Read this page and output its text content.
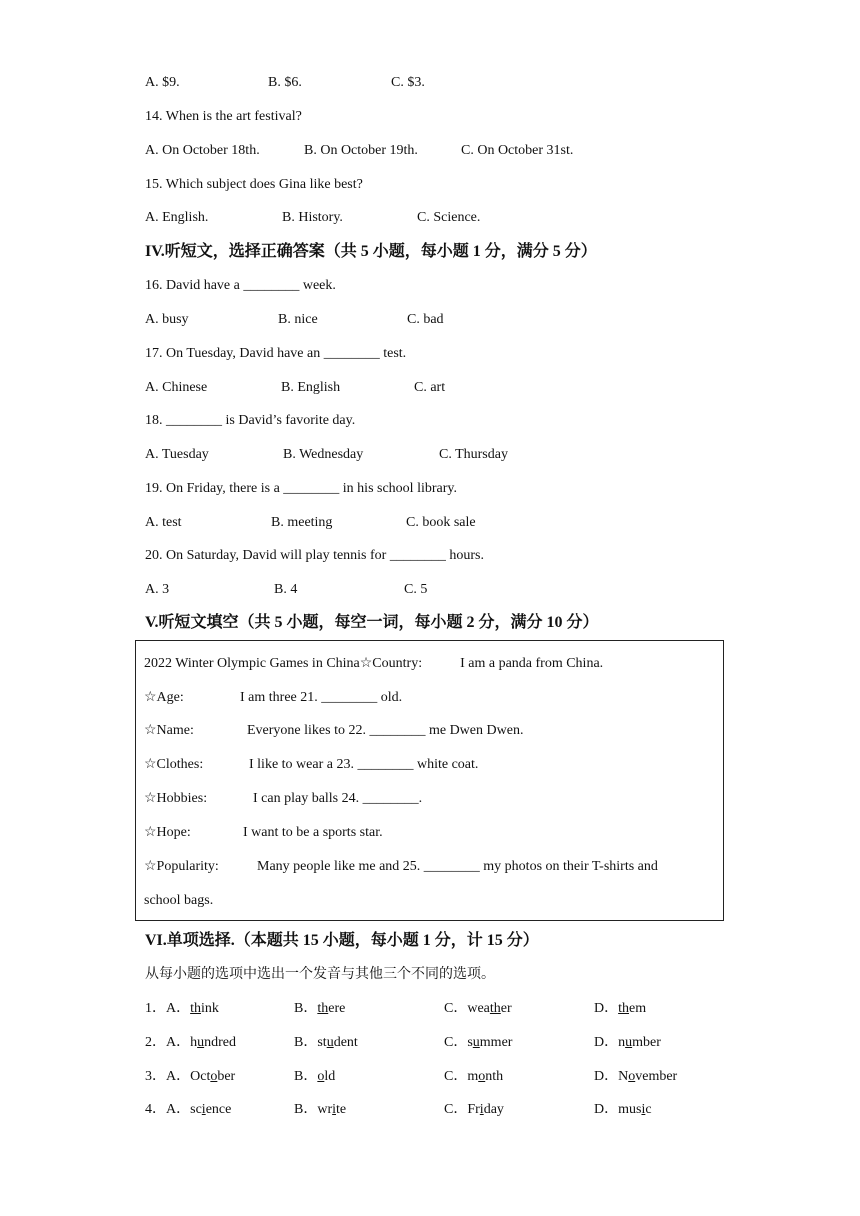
A. $9.	B. $6.	C. $3.
14. When is the art festival?
A. On October 18th.	B. On October 19th.	C. On October 31st.
15. Which subject does Gina like best?
A. English.	B. History.	C. Science.
IV.听短文，选择正确答案（共 5 小题，每小题 1 分，满分 5 分）
16. David have a ________ week.
A. busy	B. nice	C. bad
17. On Tuesday, David have an ________ test.
A. Chinese	B. English	C. art
18. ________ is David’s favorite day.
A. Tuesday	B. Wednesday	C. Thursday
19. On Friday, there is a ________ in his school library.
A. test	B. meeting	C. book sale
20. On Saturday, David will play tennis for ________ hours.
A. 3	B. 4	C. 5
V.听短文填空（共 5 小题，每空一词，每小题 2 分，满分 10 分）
2022 Winter Olympic Games in China☆Country:	I am a panda from China.
☆Age:	I am three 21. ________ old.
☆Name:	Everyone likes to 22. ________ me Dwen Dwen.
☆Clothes:	I like to wear a 23. ________ white coat.
☆Hobbies:	I can play balls 24. ________.
☆Hope:	I want to be a sports star.
☆Popularity:	Many people like me and 25. ________ my photos on their T-shirts and
school bags.
VI.单项选择.（本题共 15 小题，每小题 1 分，计 15 分）
从每小题的选项中选出一个发音与其他三个不同的选项。
1．A．think	B．there	C．weather	D．them
2．A．hundred	B．student	C．summer	D．number
3．A．October	B．old	C．month	D．November
4．A．science	B．write	C．Friday	D．music
